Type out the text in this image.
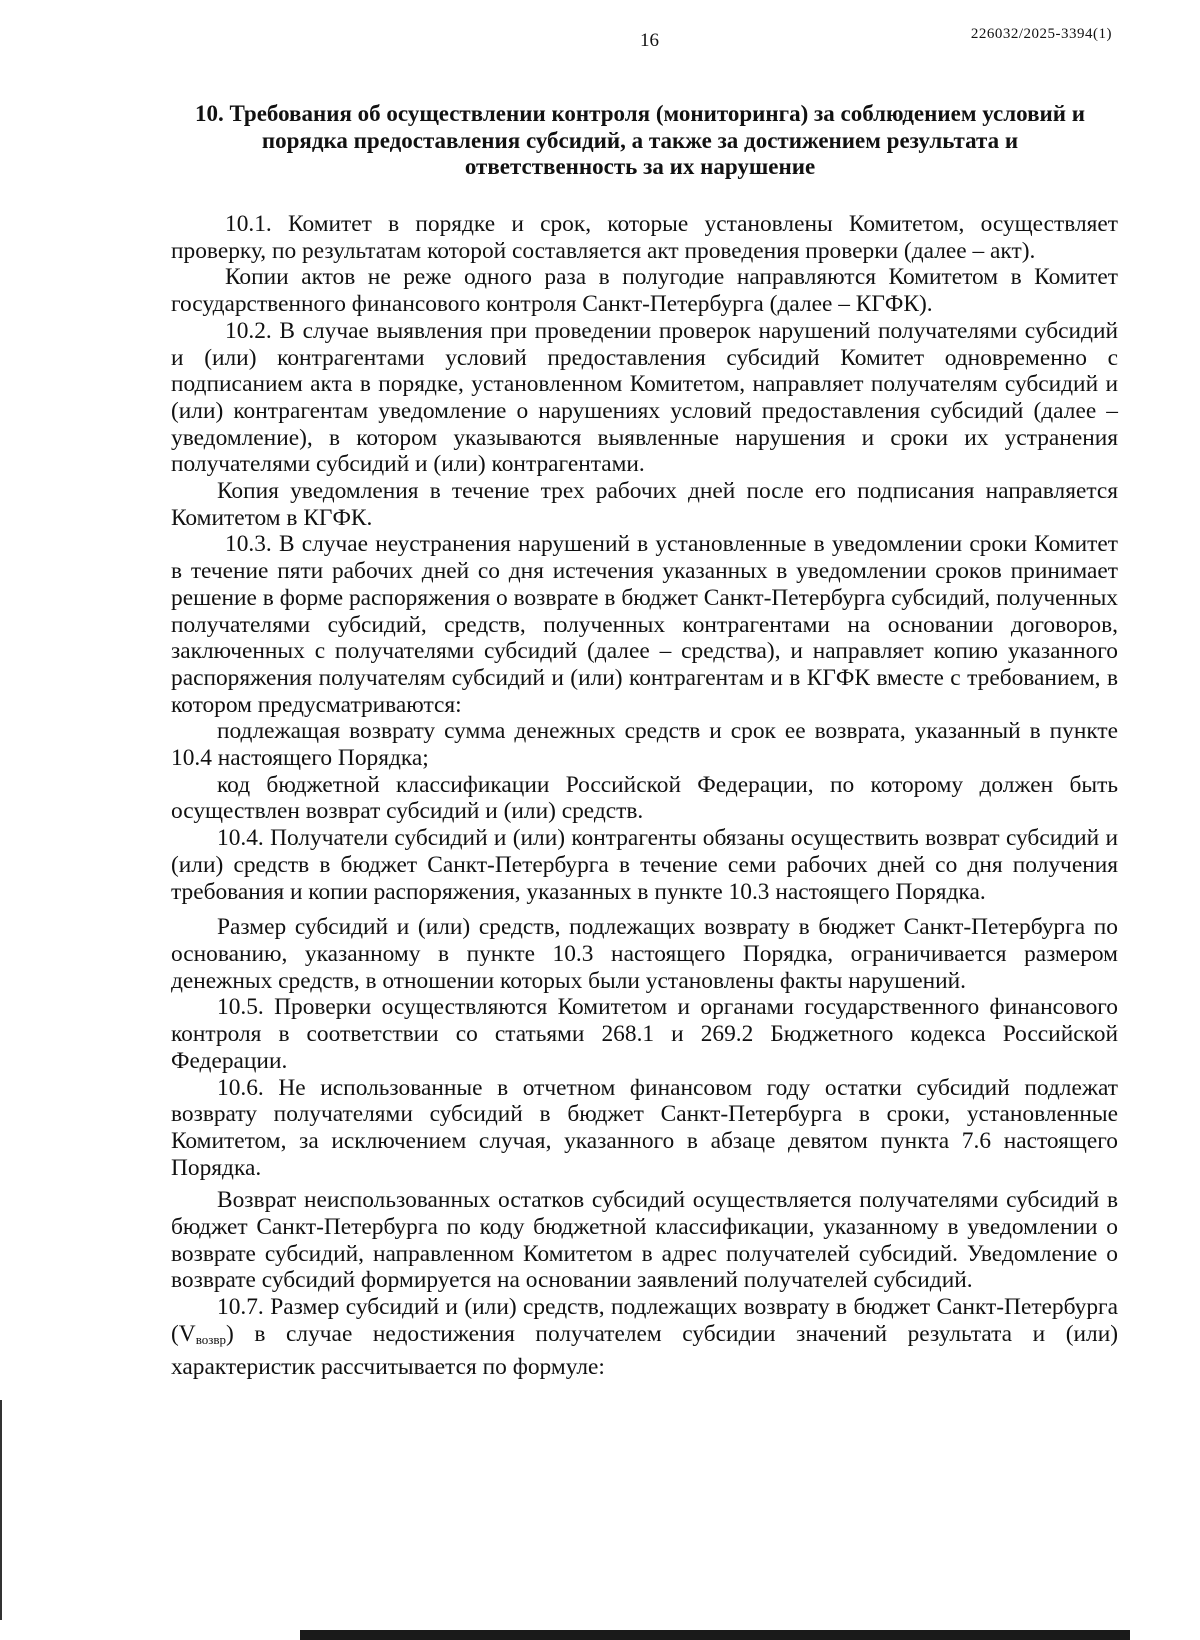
16	226032/2025-3394(1)
10. Требования об осуществлении контроля (мониторинга) за соблюдением условий и порядка предоставления субсидий, а также за достижением результата и ответственность за их нарушение

10.1. Комитет в порядке и срок, которые установлены Комитетом, осуществляет проверку, по результатам которой составляется акт проведения проверки (далее – акт).

Копии актов не реже одного раза в полугодие направляются Комитетом в Комитет государственного финансового контроля Санкт-Петербурга (далее – КГФК).

10.2. В случае выявления при проведении проверок нарушений получателями субсидий и (или) контрагентами условий предоставления субсидий Комитет одновременно с подписанием акта в порядке, установленном Комитетом, направляет получателям субсидий и (или) контрагентам уведомление о нарушениях условий предоставления субсидий (далее – уведомление), в котором указываются выявленные нарушения и сроки их устранения получателями субсидий и (или) контрагентами.

Копия уведомления в течение трех рабочих дней после его подписания направляется Комитетом в КГФК.

10.3. В случае неустранения нарушений в установленные в уведомлении сроки Комитет в течение пяти рабочих дней со дня истечения указанных в уведомлении сроков принимает решение в форме распоряжения о возврате в бюджет Санкт-Петербурга субсидий, полученных получателями субсидий, средств, полученных контрагентами на основании договоров, заключенных с получателями субсидий (далее – средства), и направляет копию указанного распоряжения получателям субсидий и (или) контрагентам и в КГФК вместе с требованием, в котором предусматриваются:

подлежащая возврату сумма денежных средств и срок ее возврата, указанный в пункте 10.4 настоящего Порядка;

код бюджетной классификации Российской Федерации, по которому должен быть осуществлен возврат субсидий и (или) средств.

10.4. Получатели субсидий и (или) контрагенты обязаны осуществить возврат субсидий и (или) средств в бюджет Санкт-Петербурга в течение семи рабочих дней со дня получения требования и копии распоряжения, указанных в пункте 10.3 настоящего Порядка.

Размер субсидий и (или) средств, подлежащих возврату в бюджет Санкт-Петербурга по основанию, указанному в пункте 10.3 настоящего Порядка, ограничивается размером денежных средств, в отношении которых были установлены факты нарушений.

10.5. Проверки осуществляются Комитетом и органами государственного финансового контроля в соответствии со статьями 268.1 и 269.2 Бюджетного кодекса Российской Федерации.

10.6. Не использованные в отчетном финансовом году остатки субсидий подлежат возврату получателями субсидий в бюджет Санкт-Петербурга в сроки, установленные Комитетом, за исключением случая, указанного в абзаце девятом пункта 7.6 настоящего Порядка.

Возврат неиспользованных остатков субсидий осуществляется получателями субсидий в бюджет Санкт-Петербурга по коду бюджетной классификации, указанному в уведомлении о возврате субсидий, направленном Комитетом в адрес получателей субсидий. Уведомление о возврате субсидий формируется на основании заявлений получателей субсидий.

10.7. Размер субсидий и (или) средств, подлежащих возврату в бюджет Санкт-Петербурга $(V_{возвр})$ в случае недостижения получателем субсидии значений результата и (или) характеристик рассчитывается по формуле:
